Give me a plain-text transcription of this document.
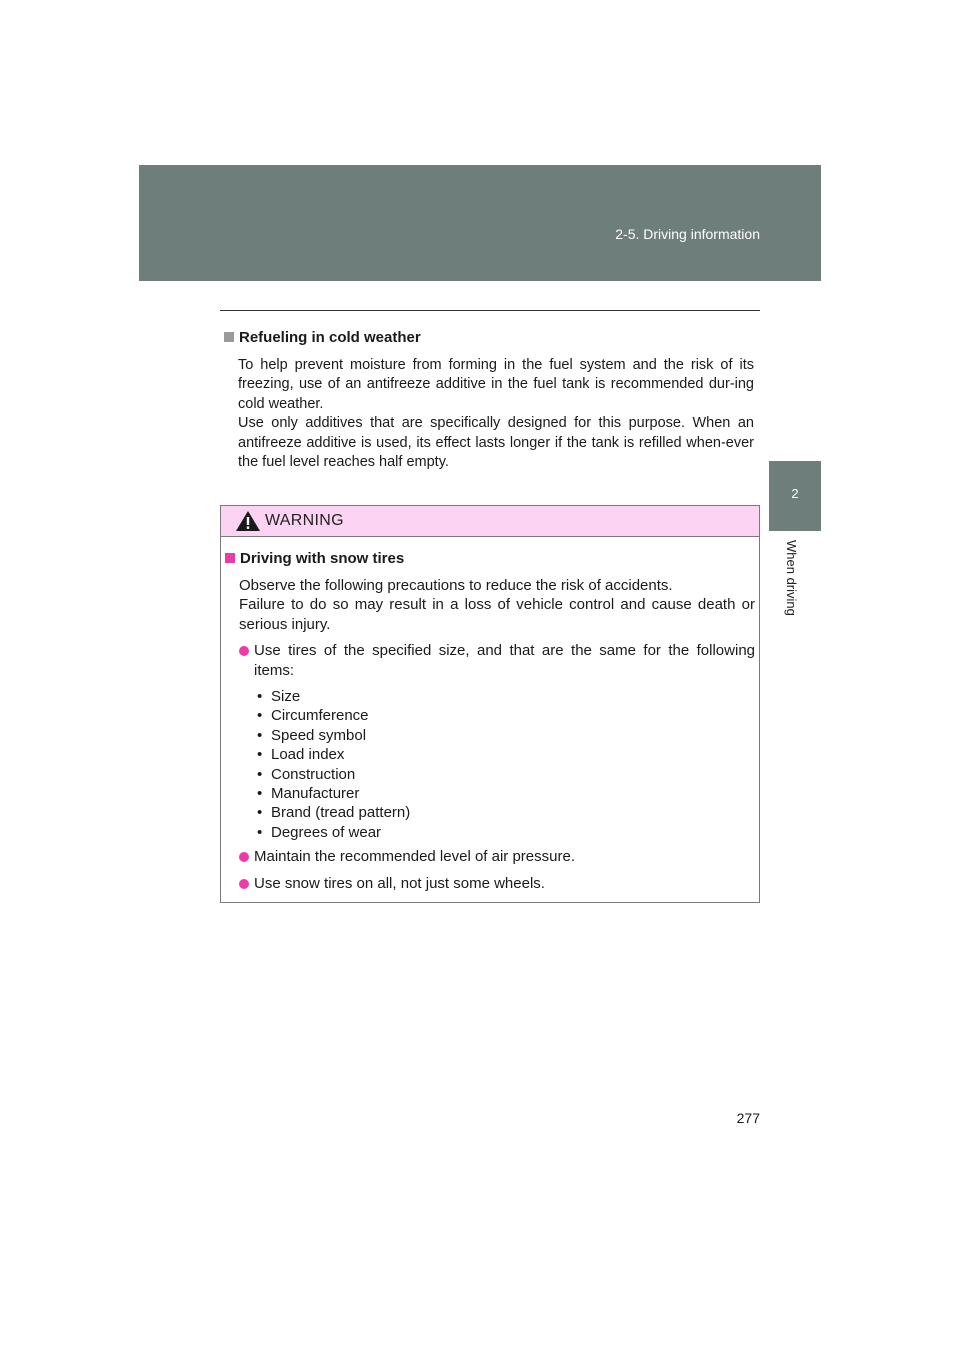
2-5. Driving information
2
When driving
Refueling in cold weather

To help prevent moisture from forming in the fuel system and the risk of its freezing, use of an antifreeze additive in the fuel tank is recommended dur-ing cold weather.
Use only additives that are specifically designed for this purpose. When an antifreeze additive is used, its effect lasts longer if the tank is refilled when-ever the fuel level reaches half empty.

WARNING
Driving with snow tires

Observe the following precautions to reduce the risk of accidents.
Failure to do so may result in a loss of vehicle control and cause death or serious injury.

Use tires of the specified size, and that are the same for the following items:
• Size
• Circumference
• Speed symbol
• Load index
• Construction
• Manufacturer
• Brand (tread pattern)
• Degrees of wear
Maintain the recommended level of air pressure.
Use snow tires on all, not just some wheels.
277
